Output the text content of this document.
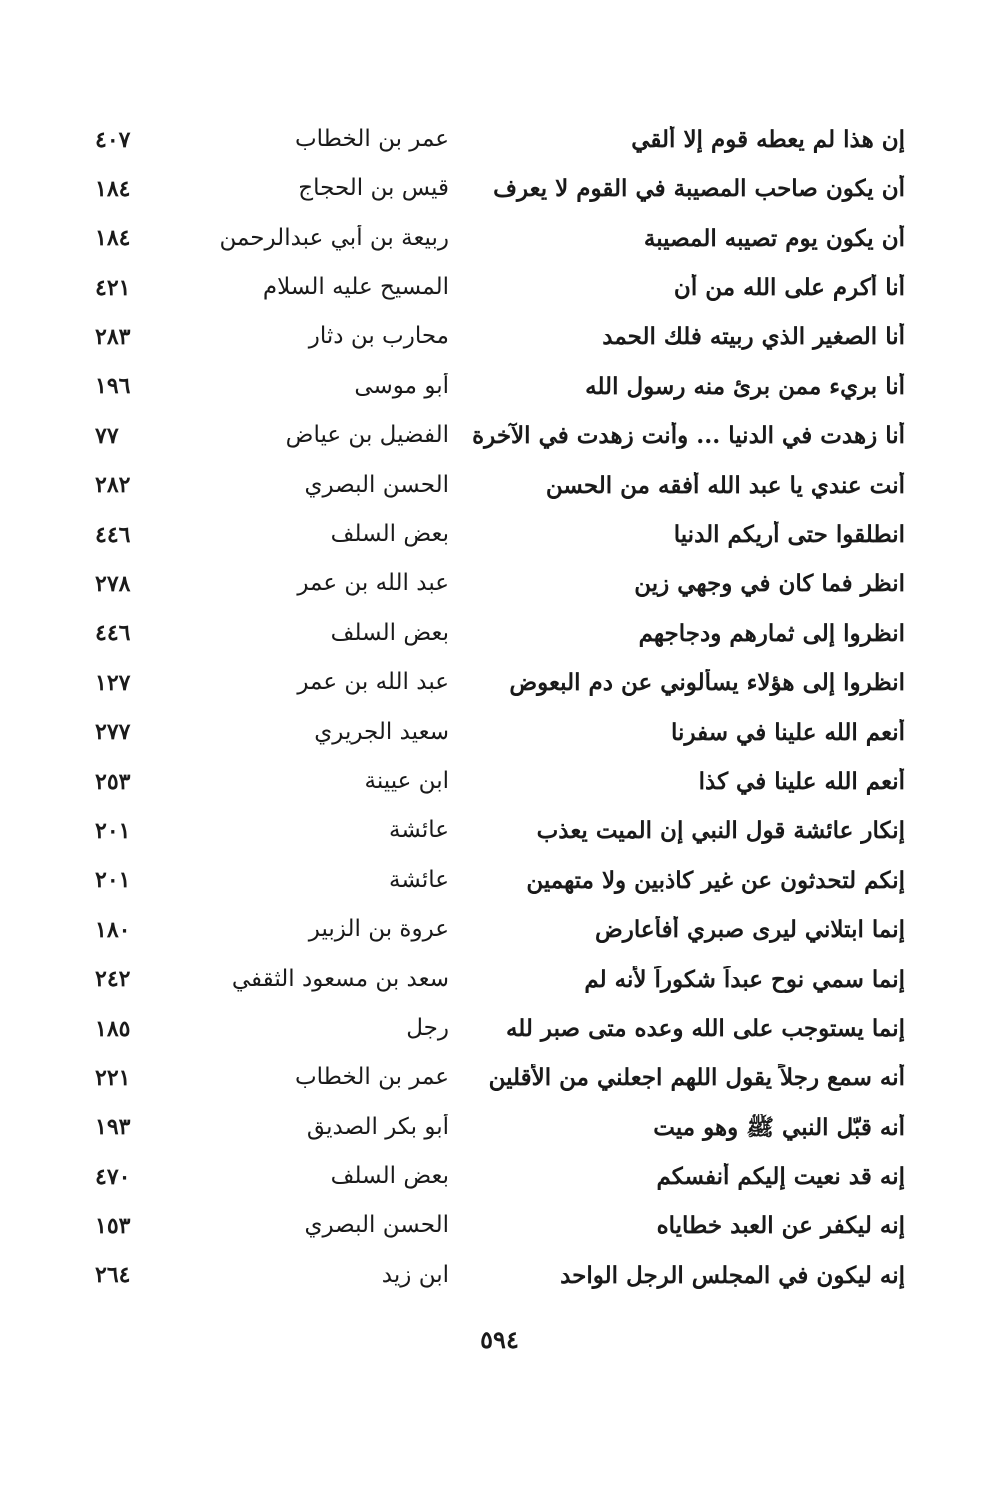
إن هذا لم يعطه قوم إلا ألقي
عمر بن الخطاب
٤٠٧
أن يكون صاحب المصيبة في القوم لا يعرف
قيس بن الحجاج
١٨٤
أن يكون يوم تصيبه المصيبة
ربيعة بن أبي عبدالرحمن
١٨٤
أنا أكرم على الله من أن
المسيح عليه السلام
٤٢١
أنا الصغير الذي ربيته فلك الحمد
محارب بن دثار
٢٨٣
أنا بريء ممن برئ منه رسول الله
أبو موسى
١٩٦
أنا زهدت في الدنيا ... وأنت زهدت في الآخرة
الفضيل بن عياض
٧٧
أنت عندي يا عبد الله أفقه من الحسن
الحسن البصري
٢٨٢
انطلقوا حتى أريكم الدنيا
بعض السلف
٤٤٦
انظر فما كان في وجهي زين
عبد الله بن عمر
٢٧٨
انظروا إلى ثمارهم ودجاجهم
بعض السلف
٤٤٦
انظروا إلى هؤلاء يسألوني عن دم البعوض
عبد الله بن عمر
١٢٧
أنعم الله علينا في سفرنا
سعيد الجريري
٢٧٧
أنعم الله علينا في كذا
ابن عيينة
٢٥٣
إنكار عائشة قول النبي إن الميت يعذب
عائشة
٢٠١
إنكم لتحدثون عن غير كاذبين ولا متهمين
عائشة
٢٠١
إنما ابتلاني ليرى صبري أفأعارض
عروة بن الزبير
١٨٠
إنما سمي نوح عبداً شكوراً لأنه لم
سعد بن مسعود الثقفي
٢٤٢
إنما يستوجب على الله وعده متى صبر لله
رجل
١٨٥
أنه سمع رجلاً يقول اللهم اجعلني من الأقلين
عمر بن الخطاب
٢٢١
أنه قبّل النبي ﷺ وهو ميت
أبو بكر الصديق
١٩٣
إنه قد نعيت إليكم أنفسكم
بعض السلف
٤٧٠
إنه ليكفر عن العبد خطاياه
الحسن البصري
١٥٣
إنه ليكون في المجلس الرجل الواحد
ابن زيد
٢٦٤
٥٩٤
